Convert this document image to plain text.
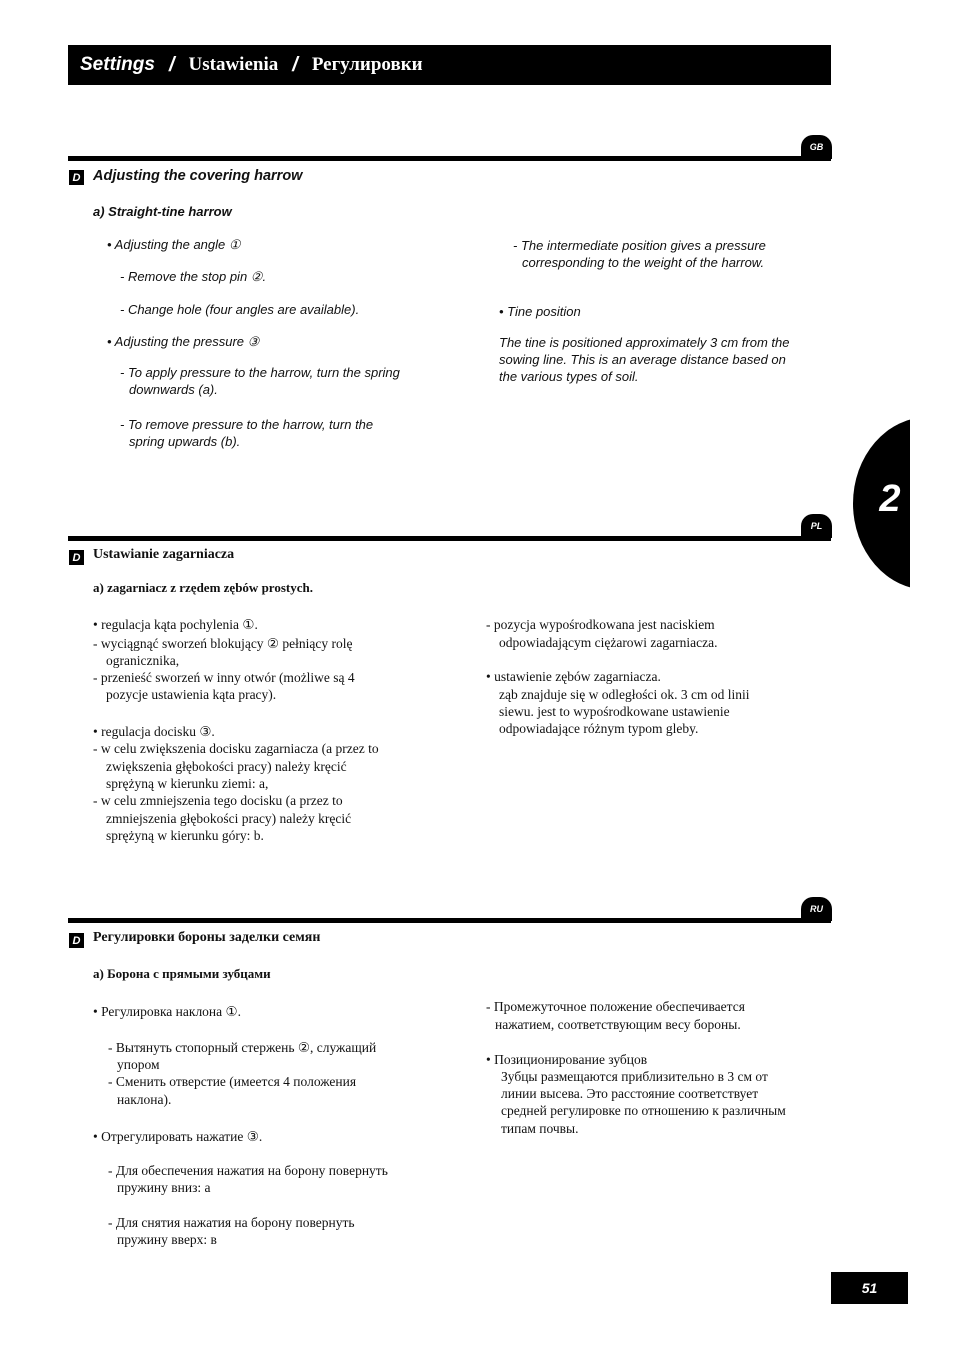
Settings / Ustawienia / Регулировки
2
GB
D Adjusting the covering harrow
a) Straight-tine harrow
• Adjusting the angle ①
- Remove the stop pin ②.
- Change hole (four angles are available).
• Adjusting the pressure ③
- To apply pressure to the harrow, turn the spring
downwards (a).
- To remove pressure to the harrow, turn the
spring upwards (b).
- The intermediate position gives a pressure
corresponding to the weight of the harrow.
• Tine position
The tine is positioned approximately 3 cm from the
sowing line. This is an average distance based on
the various types of soil.
PL
D Ustawianie zagarniacza
a) zagarniacz z rzędem zębów prostych.
• regulacja kąta pochylenia ①.
- wyciągnąć sworzeń blokujący ② pełniący rolę
ogranicznika,
- przenieść sworzeń w inny otwór (możliwe są 4
pozycje ustawienia kąta pracy).
• regulacja docisku ③.
- w celu zwiększenia docisku zagarniacza (a przez to
zwiększenia głębokości pracy) należy kręcić
sprężyną w kierunku ziemi: a,
- w celu zmniejszenia tego docisku (a przez to
zmniejszenia głębokości pracy) należy kręcić
sprężyną w kierunku góry: b.
- pozycja wypośrodkowana jest naciskiem
odpowiadającym ciężarowi zagarniacza.
• ustawienie zębów zagarniacza.
ząb znajduje się w odległości ok. 3 cm od linii
siewu. jest to wypośrodkowane ustawienie
odpowiadające różnym typom gleby.
RU
D Регулировки бороны заделки семян
а) Борона с прямыми зубцами
• Регулировка наклона ①.
- Вытянуть стопорный стержень ②, служащий
упором
- Сменить отверстие (имеется 4 положения
наклона).
• Отрегулировать нажатие ③.
- Для обеспечения нажатия на борону повернуть
пружину вниз: а
- Для снятия нажатия на борону повернуть
пружину вверх: в
- Промежуточное положение обеспечивается
нажатием, соответствующим весу бороны.
• Позиционирование зубцов
Зубцы размещаются приблизительно в 3 см от
линии высева. Это расстояние соответствует
средней регулировке по отношению к различным
типам почвы.
51
